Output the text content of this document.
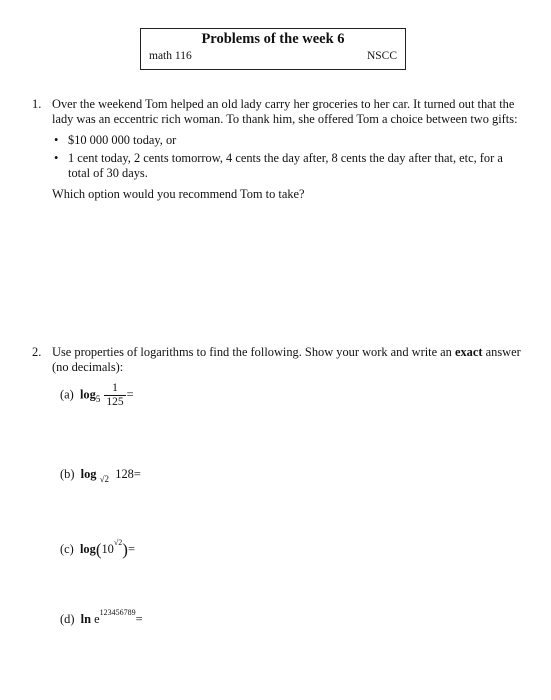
Problems of the week 6
math 116	NSCC
1. Over the weekend Tom helped an old lady carry her groceries to her car. It turned out that the lady was an eccentric rich woman. To thank him, she offered Tom a choice between two gifts:
• $10 000 000 today, or
• 1 cent today, 2 cents tomorrow, 4 cents the day after, 8 cents the day after that, etc, for a total of 30 days.
Which option would you recommend Tom to take?
2. Use properties of logarithms to find the following. Show your work and write an exact answer (no decimals):
(a) $\log_5 \frac{1}{125}$ =
(b) log $_{√2}$ 128=
(c) $\log(10^{√2})=$
(d) $\ln e^{123456789}=$
